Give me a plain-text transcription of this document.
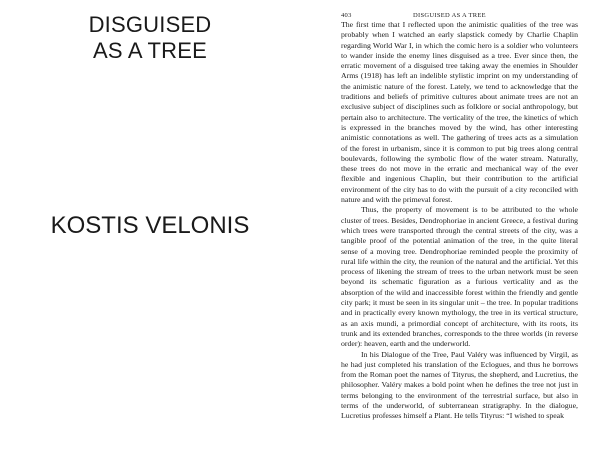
DISGUISED
AS A TREE
KOSTIS VELONIS
403	DISGUISED AS A TREE

The first time that I reflected upon the animistic qualities of the tree was probably when I watched an early slapstick comedy by Charlie Chaplin regarding World War I, in which the comic hero is a soldier who volunteers to wander inside the enemy lines disguised as a tree. Ever since then, the erratic movement of a disguised tree taking away the enemies in Shoulder Arms (1918) has left an indelible stylistic imprint on my understanding of the animistic nature of the forest. Lately, we tend to acknowledge that the traditions and beliefs of primitive cultures about animate trees are not an exclusive subject of disciplines such as folklore or social anthropology, but pertain also to architecture. The verticality of the tree, the kinetics of which is expressed in the branches moved by the wind, has other interesting animistic connotations as well. The gathering of trees acts as a simulation of the forest in urbanism, since it is common to put big trees along central boulevards, following the symbolic flow of the water stream. Naturally, these trees do not move in the erratic and mechanical way of the ever flexible and ingenious Chaplin, but their contribution to the artificial environment of the city has to do with the pursuit of a city reconciled with nature and with the primeval forest.

Thus, the property of movement is to be attributed to the whole cluster of trees. Besides, Dendrophoriae in ancient Greece, a festival during which trees were transported through the central streets of the city, was a tangible proof of the potential animation of the tree, in the quite literal sense of a moving tree. Dendrophoriae reminded people the proximity of rural life within the city, the reunion of the natural and the artificial. Yet this process of likening the stream of trees to the urban network must be seen beyond its schematic figuration as a furious verticality and as the absorption of the wild and inaccessible forest within the friendly and gentle city park; it must be seen in its singular unit – the tree. In popular traditions and in practically every known mythology, the tree in its vertical structure, as an axis mundi, a primordial concept of architecture, with its roots, its trunk and its extended branches, corresponds to the three worlds (in reverse order): heaven, earth and the underworld.

In his Dialogue of the Tree, Paul Valéry was influenced by Virgil, as he had just completed his translation of the Eclogues, and thus he borrows from the Roman poet the names of Tityrus, the shepherd, and Lucretius, the philosopher. Valéry makes a bold point when he defines the tree not just in terms belonging to the environment of the terrestrial surface, but also in terms of the underworld, of subterranean stratigraphy. In the dialogue, Lucretius professes himself a Plant. He tells Tityrus: “I wished to speak
